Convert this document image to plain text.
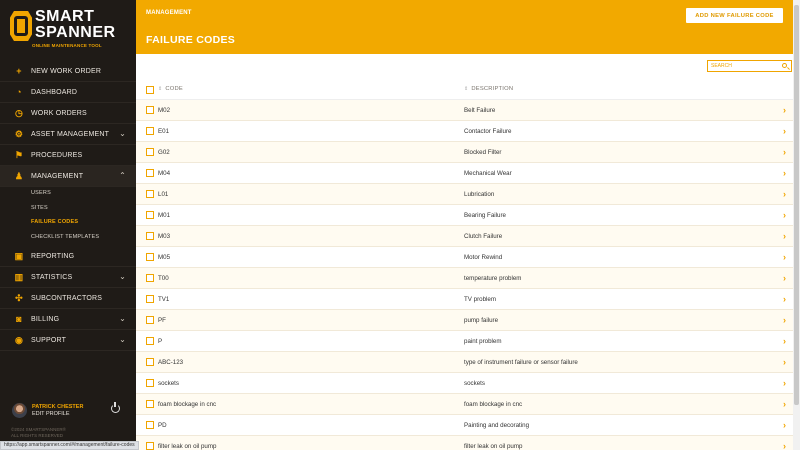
SMART
SPANNER
ONLINE MAINTENANCE TOOL
+	NEW WORK ORDER
◔	DASHBOARD
◷ WORK ORDERS
⚙ ASSET MANAGEMENT ⌄
⚑ PROCEDURES
♟ MANAGEMENT	⌃
USERS
SITES
FAILURE CODES
CHECKLIST TEMPLATES
▣ REPORTING
▥ STATISTICS	⌄
✣ SUBCONTRACTORS
◙	BILLING	⌄
◉ SUPPORT	⌄
PATRICK CHESTER
EDIT PROFILE
©2024 SMARTSPANNER®
ALL RIGHTS RESERVED
MANAGEMENT
FAILURE CODES
ADD NEW FAILURE CODE
SEARCH
⇕ CODE	⇕ DESCRIPTION
M02	Belt Failure	›
E01	Contactor Failure	›
G02	Blocked Filter	›
M04	Mechanical Wear	›
L01	Lubrication	›
M01	Bearing Failure	›
M03	Clutch Failure	›
M05	Motor Rewind	›
T00	temperature problem	›
TV1	TV problem	›
PF	pump failure	›
P	paint problem	›
ABC-123	type of instrument failure or sensor failure	›
sockets	sockets	›
foam blockage in cnc	foam blockage in cnc	›
PD	Painting and decorating	›
filter leak on oil pump	filter leak on oil pump	›
https://app.smartspanner.com/#/management/failure-codes
